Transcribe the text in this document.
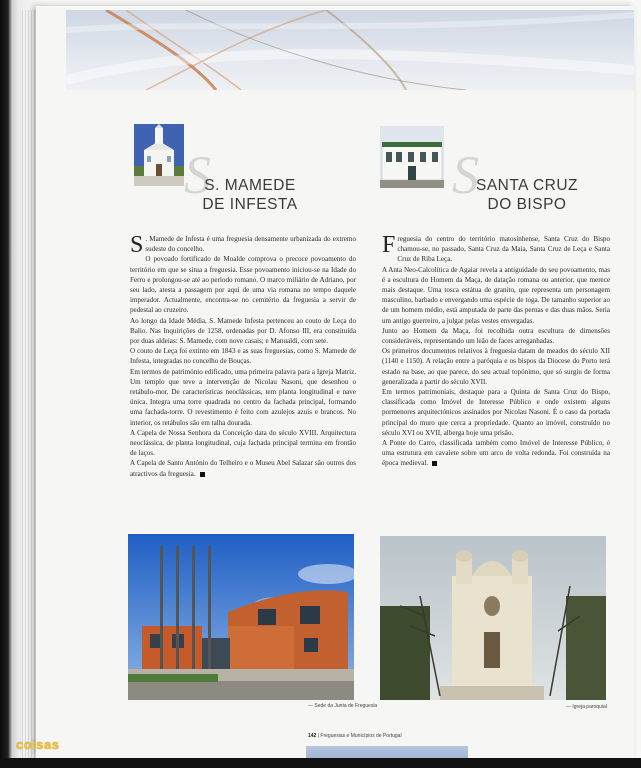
S
S. MAMEDE
DE INFESTA	S
SANTA CRUZ
DO BISPO

S . Mamede de Infesta é uma freguesia densamente urbanizada do extremo sudeste do concelho.

O povoado fortificado de Moalde comprova o precoce povoamento do território em que se situa a freguesia. Esse povoamento iniciou-se na Idade do Ferro e prolongou-se até ao período romano. O marco miliário de Adriano, por seu lado, atesta a passagem por aqui de uma via romana no tempo daquele imperador. Actualmente, encontra-se no cemitério da freguesia a servir de pedestal ao cruzeiro.

Ao longo da Idade Média, S. Mamede Infesta pertenceu ao couto de Leça do Balio. Nas Inquirições de 1258, ordenadas por D. Afonso III, era constituída por duas aldeias: S. Mamede, com nove casais; e Manualdi, com sete.

O couto de Leça foi extinto em 1843 e as suas freguesias, como S. Mamede de Infesta, integradas no concelho de Bouças.

Em termos de património edificado, uma primeira palavra para a Igreja Matriz. Um templo que teve a intervenção de Nicolau Nasoni, que desenhou o retábulo-mor. De características neoclássicas, tem planta longitudinal e nave única. Integra uma torre quadrada no centro da fachada principal, formando uma fachada-torre. O revestimento é feito com azulejos azuis e brancos. No interior, os retábulos são em talha dourada.

A Capela de Nossa Senhora da Conceição data do século XVIII. Arquitectura neoclássica, de planta longitudinal, cuja fachada principal termina em frontão de laços.

A Capela de Santo António do Telheiro e o Museu Abel Salazar são outros dos atractivos da freguesia.

Freguesia do centro do território matosinhense, Santa Cruz do Bispo chamou-se, no passado, Santa Cruz da Maia, Santa Cruz de Leça e Santa Cruz de Riba Leça.

A Anta Neo-Calcolítica de Agaiar revela a antiguidade do seu povoamento, mas é a escultura do Homem da Maça, de datação romana ou anterior, que merece mais destaque. Uma tosca estátua de granito, que representa um personagem masculino, barbado e envergando uma espécie de toga. De tamanho superior ao de um homem médio, está amputada de parte das pernas e das duas mãos. Seria um antigo guerreiro, a julgar pelas vestes envergadas.

Junto ao Homem da Maça, foi recolhida outra escultura de dimensões consideráveis, representando um leão de faces arreganhadas.

Os primeiros documentos relativos à freguesia datam de meados do século XII (1140 e 1150). A relação entre a paróquia e os bispos da Diocese do Porto terá estado na base, ao que parece, do seu actual topónimo, que só surgiu de forma generalizada a partir do século XVII.

Em termos patrimoniais, destaque para a Quinta de Santa Cruz do Bispo, classificada como Imóvel de Interesse Público e onde existem alguns pormenores arquitectónicos assinados por Nicolau Nasoni. É o caso da portada principal do muro que cerca a propriedade. Quanto ao imóvel, construído no século XVI ou XVII, alberga hoje uma prisão.

A Ponte do Carro, classificada também como Imóvel de Interesse Público, é uma estrutura em cavalete sobre um arco de volta redonda. Foi construída na época medieval.

— Sede da Junta de Freguesia	— Igreja paroquial
142 | Freguesias e Municípios de Portugal
coisas
